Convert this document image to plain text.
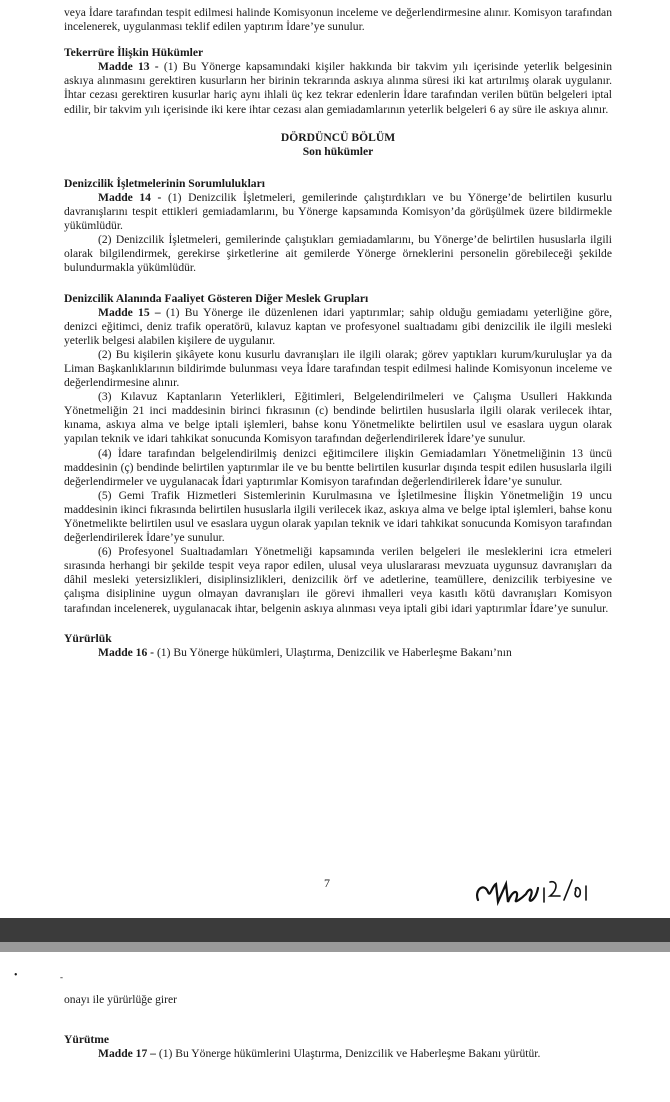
veya İdare tarafından tespit edilmesi halinde Komisyonun inceleme ve değerlendirmesine alınır. Komisyon tarafından incelenerek, uygulanması teklif edilen yaptırım İdare’ye sunulur.

Tekerrüre İlişkin Hükümler

Madde 13 - (1) Bu Yönerge kapsamındaki kişiler hakkında bir takvim yılı içerisinde yeterlik belgesinin askıya alınmasını gerektiren kusurların her birinin tekrarında askıya alınma süresi iki kat artırılmış olarak uygulanır. İhtar cezası gerektiren kusurlar hariç aynı ihlali üç kez tekrar edenlerin İdare tarafından verilen bütün belgeleri iptal edilir, bir takvim yılı içerisinde iki kere ihtar cezası alan gemiadamlarının yeterlik belgeleri 6 ay süre ile askıya alınır.

DÖRDÜNCÜ BÖLÜM

Son hükümler

Denizcilik İşletmelerinin Sorumlulukları

Madde 14 - (1) Denizcilik İşletmeleri, gemilerinde çalıştırdıkları ve bu Yönerge’de belirtilen kusurlu davranışlarını tespit ettikleri gemiadamlarını, bu Yönerge kapsamında Komisyon’da görüşülmek üzere bildirmekle yükümlüdür.

(2) Denizcilik İşletmeleri, gemilerinde çalıştıkları gemiadamlarını, bu Yönerge’de belirtilen hususlarla ilgili olarak bilgilendirmek, gerekirse şirketlerine ait gemilerde Yönerge örneklerini personelin görebileceği şekilde bulundurmakla yükümlüdür.

Denizcilik Alanında Faaliyet Gösteren Diğer Meslek Grupları

Madde 15 – (1) Bu Yönerge ile düzenlenen idari yaptırımlar; sahip olduğu gemiadamı yeterliğine göre, denizci eğitimci, deniz trafik operatörü, kılavuz kaptan ve profesyonel sualtıadamı gibi denizcilik ile ilgili mesleki yeterlik belgesi alabilen kişilere de uygulanır.

(2) Bu kişilerin şikâyete konu kusurlu davranışları ile ilgili olarak; görev yaptıkları kurum/kuruluşlar ya da Liman Başkanlıklarının bildirimde bulunması veya İdare tarafından tespit edilmesi halinde Komisyonun inceleme ve değerlendirmesine alınır.

(3) Kılavuz Kaptanların Yeterlikleri, Eğitimleri, Belgelendirilmeleri ve Çalışma Usulleri Hakkında Yönetmeliğin 21 inci maddesinin birinci fıkrasının (c) bendinde belirtilen hususlarla ilgili olarak verilecek ihtar, kınama, askıya alma ve belge iptali işlemleri, bahse konu Yönetmelikte belirtilen usul ve esaslara uygun olarak yapılan teknik ve idari tahkikat sonucunda Komisyon tarafından değerlendirilerek İdare’ye sunulur.

(4) İdare tarafından belgelendirilmiş denizci eğitimcilere ilişkin Gemiadamları Yönetmeliğinin 13 üncü maddesinin (ç) bendinde belirtilen yaptırımlar ile ve bu bentte belirtilen kusurlar dışında tespit edilen hususlarla ilgili değerlendirmeler ve uygulanacak İdari yaptırımlar Komisyon tarafından değerlendirilerek İdare’ye sunulur.

(5) Gemi Trafik Hizmetleri Sistemlerinin Kurulmasına ve İşletilmesine İlişkin Yönetmeliğin 19 uncu maddesinin ikinci fıkrasında belirtilen hususlarla ilgili verilecek ikaz, askıya alma ve belge iptal işlemleri, bahse konu Yönetmelikte belirtilen usul ve esaslara uygun olarak yapılan teknik ve idari tahkikat sonucunda Komisyon tarafından değerlendirilerek İdare’ye sunulur.

(6) Profesyonel Sualtıadamları Yönetmeliği kapsamında verilen belgeleri ile mesleklerini icra etmeleri sırasında herhangi bir şekilde tespit veya rapor edilen, ulusal veya uluslararası mevzuata uygunsuz davranışları da dâhil mesleki yetersizlikleri, disiplinsizlikleri, denizcilik örf ve adetlerine, teamüllere, denizcilik terbiyesine ve çalışma disiplinine uygun olmayan davranışları ile görevi ihmalleri veya kasıtlı kötü davranışları Komisyon tarafından incelenerek, uygulanacak ihtar, belgenin askıya alınması veya iptali gibi idari yaptırımlar İdare’ye sunulur.

Yürürlük

Madde 16 - (1) Bu Yönerge hükümleri, Ulaştırma, Denizcilik ve Haberleşme Bakanı’nın

7
•	-

onayı ile yürürlüğe girer

Yürütme

Madde 17 – (1) Bu Yönerge hükümlerini Ulaştırma, Denizcilik ve Haberleşme Bakanı yürütür.
